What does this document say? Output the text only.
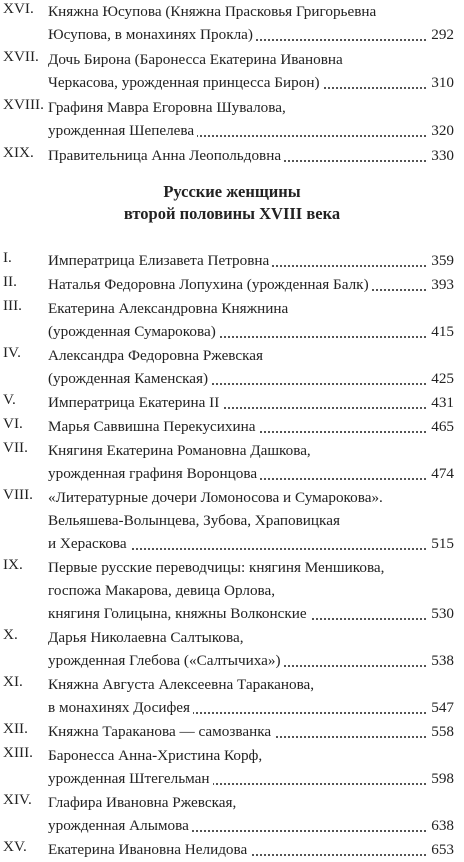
XVI. Княжна Юсупова (Княжна Прасковья Григорьевна
Юсупова, в монахинях Прокла)	292
XVII. Дочь Бирона (Баронесса Екатерина Ивановна
Черкасова, урожденная принцесса Бирон)	310
XVIII. Графиня Мавра Егоровна Шувалова,
урожденная Шепелева	320
XIX. Правительница Анна Леопольдовна	330
Русские женщины
второй половины XVIII века
I. Императрица Елизавета Петровна	359
II. Наталья Федоровна Лопухина (урожденная Балк)	393
III. Екатерина Александровна Княжнина
(урожденная Сумарокова)	415
IV. Александра Федоровна Ржевская
(урожденная Каменская)	425
V. Императрица Екатерина II	431
VI. Марья Саввишна Перекусихина	465
VII. Княгиня Екатерина Романовна Дашкова,
урожденная графиня Воронцова	474
VIII. «Литературные дочери Ломоносова и Сумарокова».
Вельяшева-Волынцева, Зубова, Храповицкая
и Хераскова	515
IX. Первые русские переводчицы: княгиня Меншикова,
госпожа Макарова, девица Орлова,
княгиня Голицына, княжны Волконские	530
X. Дарья Николаевна Салтыкова,
урожденная Глебова («Салтычиха»)	538
XI. Княжна Августа Алексеевна Тараканова,
в монахинях Досифея	547
XII. Княжна Тараканова — самозванка	558
XIII. Баронесса Анна-Христина Корф,
урожденная Штегельман	598
XIV. Глафира Ивановна Ржевская,
урожденная Алымова	638
XV. Екатерина Ивановна Нелидова	653
